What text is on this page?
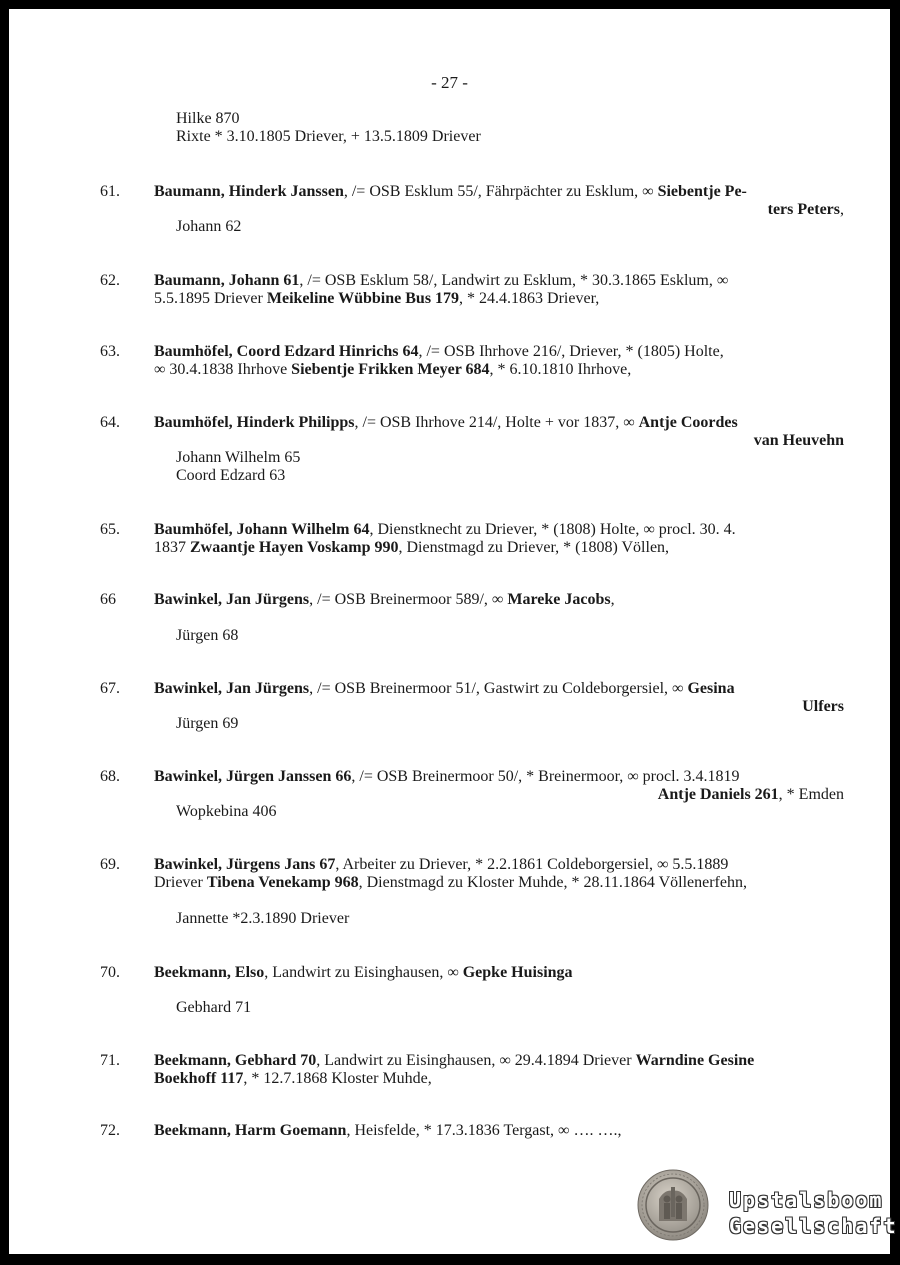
- 27 -
Hilke 870
Rixte * 3.10.1805 Driever, + 13.5.1809 Driever
61. Baumann, Hinderk Janssen, /= OSB Esklum 55/, Fährpächter zu Esklum, ∞ Siebentje Pe-
ters Peters,
Johann 62
62. Baumann, Johann 61, /= OSB Esklum 58/, Landwirt zu Esklum, * 30.3.1865 Esklum, ∞
5.5.1895 Driever Meikeline Wübbine Bus 179, * 24.4.1863 Driever,
63. Baumhöfel, Coord Edzard Hinrichs 64, /= OSB Ihrhove 216/, Driever, * (1805) Holte,
∞ 30.4.1838 Ihrhove Siebentje Frikken Meyer 684, * 6.10.1810 Ihrhove,
64. Baumhöfel, Hinderk Philipps, /= OSB Ihrhove 214/, Holte + vor 1837, ∞ Antje Coordes
van Heuvehn
Johann Wilhelm 65
Coord Edzard 63
65. Baumhöfel, Johann Wilhelm 64, Dienstknecht zu Driever, * (1808) Holte, ∞ procl. 30. 4.
1837 Zwaantje Hayen Voskamp 990, Dienstmagd zu Driever, * (1808) Völlen,
66 Bawinkel, Jan Jürgens, /= OSB Breinermoor 589/, ∞ Mareke Jacobs,
Jürgen 68
67. Bawinkel, Jan Jürgens, /= OSB Breinermoor 51/, Gastwirt zu Coldeborgersiel, ∞ Gesina
Ulfers
Jürgen 69
68. Bawinkel, Jürgen Janssen 66, /= OSB Breinermoor 50/, * Breinermoor, ∞ procl. 3.4.1819
Antje Daniels 261, * Emden
Wopkebina 406
69. Bawinkel, Jürgens Jans 67, Arbeiter zu Driever, * 2.2.1861 Coldeborgersiel, ∞ 5.5.1889
Driever Tibena Venekamp 968, Dienstmagd zu Kloster Muhde, * 28.11.1864 Völlenerfehn,
Jannette *2.3.1890 Driever
70. Beekmann, Elso, Landwirt zu Eisinghausen, ∞ Gepke Huisinga
Gebhard 71
71. Beekmann, Gebhard 70, Landwirt zu Eisinghausen, ∞ 29.4.1894 Driever Warndine Gesine
Boekhoff 117, * 12.7.1868 Kloster Muhde,
72. Beekmann, Harm Goemann, Heisfelde, * 17.3.1836 Tergast, ∞ …. ….,
Upstalsboom
Gesellschaft
